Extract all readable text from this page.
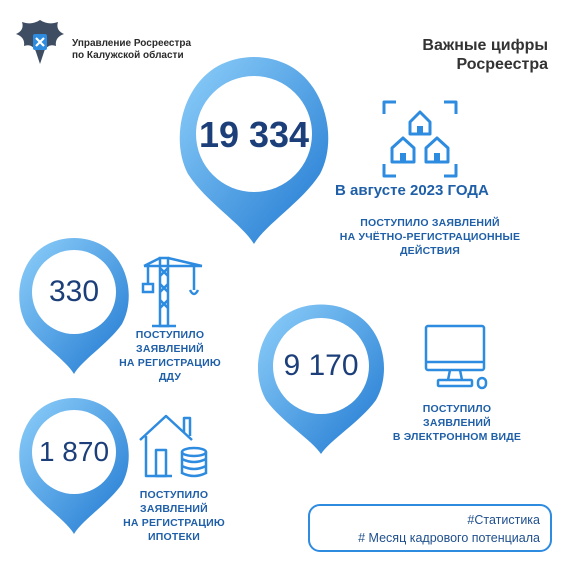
Управление Росреестра
по Калужской области
Важные цифры
Росреестра
19 334
В августе 2023 ГОДА
ПОСТУПИЛО ЗАЯВЛЕНИЙ
НА УЧЁТНО-РЕГИСТРАЦИОННЫЕ
ДЕЙСТВИЯ
330
ПОСТУПИЛО
ЗАЯВЛЕНИЙ
НА РЕГИСТРАЦИЮ
ДДУ	9 170
ПОСТУПИЛО
ЗАЯВЛЕНИЙ
В ЭЛЕКТРОННОМ ВИДЕ
1 870
ПОСТУПИЛО
ЗАЯВЛЕНИЙ
НА РЕГИСТРАЦИЮ
ИПОТЕКИ
#Статистика
# Месяц кадрового потенциала
